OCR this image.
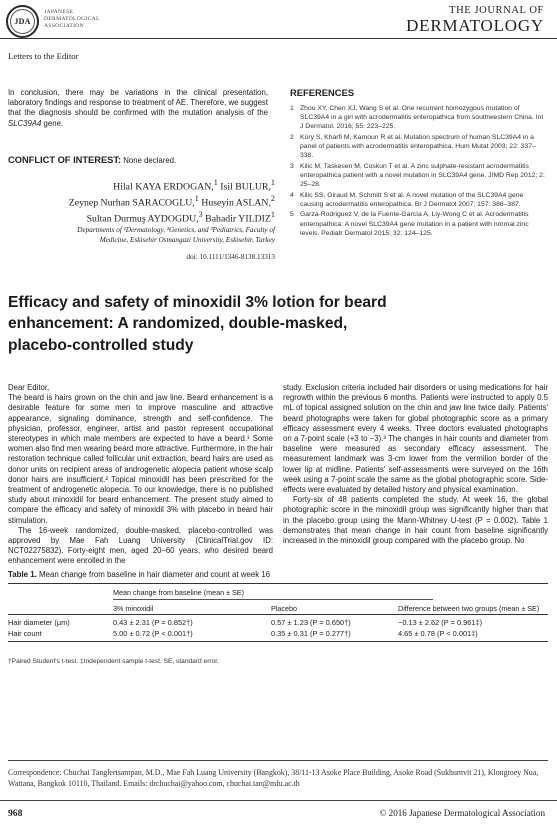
JDA
JAPANESE
DERMATOLOGICAL
ASSOCIATION
THE JOURNAL OF
DERMATOLOGY
Letters to the Editor
In conclusion, there may be variations in the clinical presentation, laboratory findings and response to treatment of AE. Therefore, we suggest that the diagnosis should be confirmed with the mutation analysis of the SLC39A4 gene.
CONFLICT OF INTEREST: None declared.
Hilal KAYA ERDOGAN,$^1$ Isil BULUR,$^1$
Zeynep Nurhan SARACOGLU,$^1$ Huseyin ASLAN,$^2$
Sultan Durmuş AYDOGDU,$^3$ Bahadir YILDIZ$^1$
Departments of ¹Dermatology, ²Genetics, and ³Pediatrics, Faculty of
Medicine, Eskisehir Osmangazi University, Eskisehir, Turkey
doi: 10.1111/1346-8138.13313
REFERENCES
1 Zhou XY, Chen XJ, Wang S et al. One recurrent homozygous mutation of SLC39A4 in a girl with acrodermatitis enteropathica from southwestern China. Int J Dermatol. 2016; 55: 223–225.
2 Küry S, Kharfi M, Kamoun R et al. Mutation spectrum of human SLC39A4 in a panel of patients with acrodermatitis enteropathica. Hum Mutat 2003; 22: 337–338.
3 Kilic M, Taskesen M, Coskun T et al. A zinc sulphate-resistant acrodermatitis enteropathica patient with a novel mutation in SLC39A4 gene. JIMD Rep 2012; 2: 25–28.
4 Kilic SS, Giraud M, Schmitt S et al. A novel mutation of the SLC39A4 gene causing acrodermatitis enteropathica. Br J Dermatol 2007; 157: 386–387.
5 Garza-Rodriguez V, de la Fuente-García A, Liy-Wong C et al. Acrodermatitis enteropathica: A novel SLC39A4 gene mutation in a patient with normal zinc levels. Pediatr Dermatol 2015; 32: 124–125.
Efficacy and safety of minoxidil 3% lotion for beard
enhancement: A randomized, double-masked,
placebo-controlled study

Dear Editor,

The beard is hairs grown on the chin and jaw line. Beard enhancement is a desirable feature for some men to improve masculine and attractive appearance, signaling dominance, strength and self-confidence. The physician, professor, engineer, artist and pastor represent occupational stereotypes in which male members are expected to have a beard.¹ Some women also find men wearing beard more attractive. Furthermore, in the hair restoration technique called follicular unit extraction, beard hairs are used as donor units on recipient areas of androgenetic alopecia patient whose scalp donor hairs are insufficient.² Topical minoxidil has been prescribed for the treatment of androgenetic alopecia. To our knowledge, there is no published study about minoxidil for beard enhancement. The present study aimed to compare the efficacy and safety of minoxidil 3% with placebo in beard hair stimulation.

The 16-week randomized, double-masked, placebo-controlled was approved by Mae Fah Luang University (ClinicalTrial.gov ID: NCT02275832). Forty-eight men, aged 20–60 years, who desired beard enhancement were enrolled in the

study. Exclusion criteria included hair disorders or using medications for hair regrowth within the previous 6 months. Patients were instructed to apply 0.5 mL of topical assigned solution on the chin and jaw line twice daily. Patients' beard photographs were taken for global photographic score as a primary efficacy assessment every 4 weeks. Three doctors evaluated photographs on a 7-point scale (+3 to −3).³ The changes in hair counts and diameter from baseline were measured as secondary efficacy assessment. The measurement landmark was 3-cm lower from the vermilion border of the lower lip at midline. Patients' self-assessments were surveyed on the 16th week using a 7-point scale the same as the global photographic score. Side-effects were evaluated by detailed history and physical examination.

Forty-six of 48 patients completed the study. At week 16, the global photographic score in the minoxidil group was significantly higher than that in the placebo group using the Mann-Whitney U-test (P = 0.002). Table 1 demonstrates that mean change in hair count from baseline significantly increased in the minoxidil group compared with the placebo group. No

Table 1. Mean change from baseline in hair diameter and count at week 16
Mean change from baseline (mean ± SE)
3% minoxidil	Placebo	Difference between two groups (mean ± SE)
Hair diameter (μm)	0.43 ± 2.31 (P = 0.852†)	0.57 ± 1.23 (P = 0.650†)	−0.13 ± 2.62 (P = 0.961‡)
Hair count	5.00 ± 0.72 (P < 0.001†)	0.35 ± 0.31 (P = 0.277†)	4.65 ± 0.78 (P < 0.001‡)
†Paired Student's t-test. ‡Independent sample t-test. SE, standard error.
Correspondence: Chuchai Tanglertsampan, M.D., Mae Fah Luang University (Bangkok), 38/11-13 Asoke Place Building, Asoke Road (Sukhumvit 21), Klongtoey Nua, Wattana, Bangkok 10110, Thailand. Emails: drchuchai@yahoo.com, chuchai.tan@mfu.ac.th
968	© 2016 Japanese Dermatological Association
